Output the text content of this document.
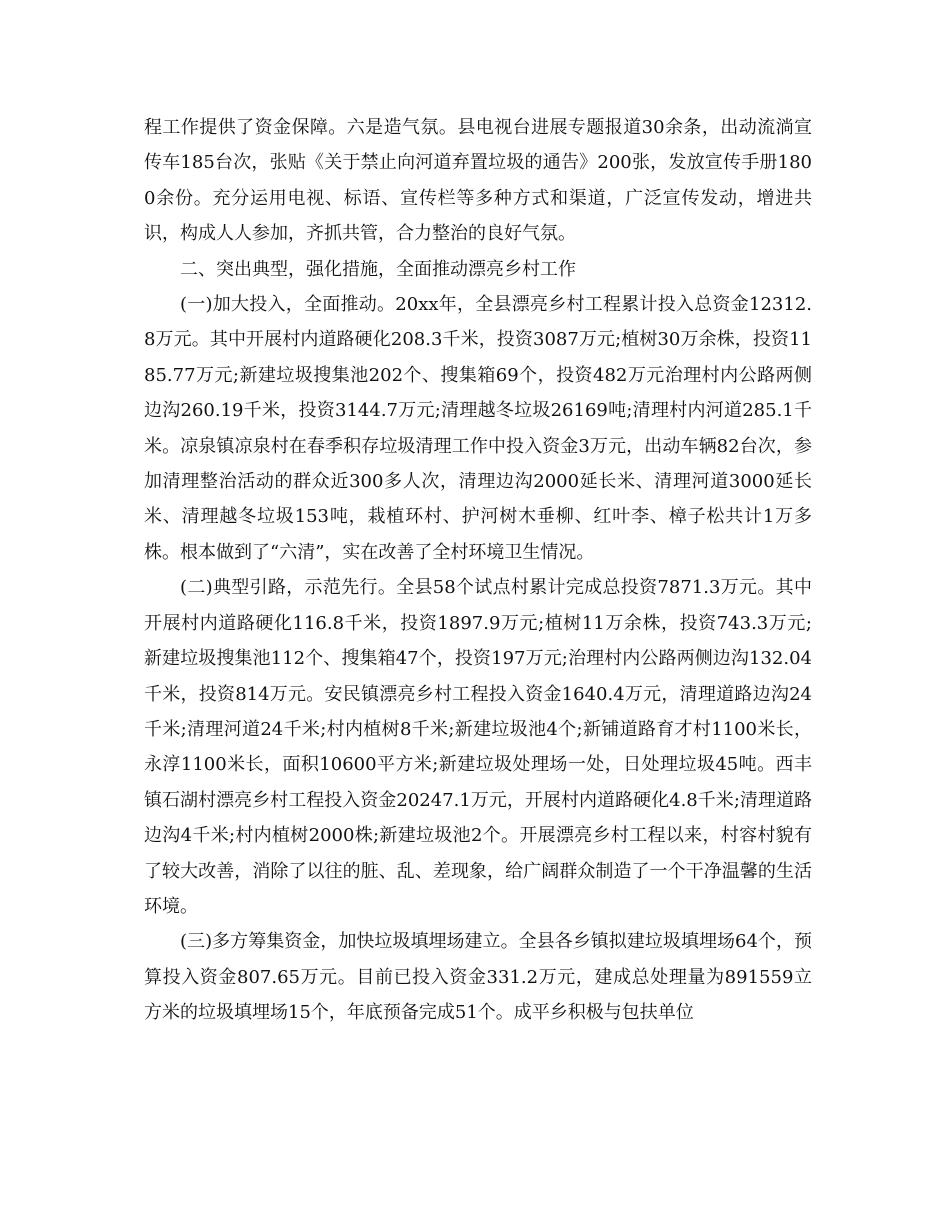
程工作提供了资金保障。六是造气氛。县电视台进展专题报道30余条，出动流淌宣传车185台次，张贴《关于禁止向河道弃置垃圾的通告》200张，发放宣传手册1800余份。充分运用电视、标语、宣传栏等多种方式和渠道，广泛宣传发动，增进共识，构成人人参加，齐抓共管，合力整治的良好气氛。

二、突出典型，强化措施，全面推动漂亮乡村工作

(一)加大投入，全面推动。20xx年，全县漂亮乡村工程累计投入总资金12312.8万元。其中开展村内道路硬化208.3千米，投资3087万元;植树30万余株，投资1185.77万元;新建垃圾搜集池202个、搜集箱69个，投资482万元治理村内公路两侧边沟260.19千米，投资3144.7万元;清理越冬垃圾26169吨;清理村内河道285.1千米。凉泉镇凉泉村在春季积存垃圾清理工作中投入资金3万元，出动车辆82台次，参加清理整治活动的群众近300多人次，清理边沟2000延长米、清理河道3000延长米、清理越冬垃圾153吨，栽植环村、护河树木垂柳、红叶李、樟子松共计1万多株。根本做到了“六清”，实在改善了全村环境卫生情况。

(二)典型引路，示范先行。全县58个试点村累计完成总投资7871.3万元。其中开展村内道路硬化116.8千米，投资1897.9万元;植树11万余株，投资743.3万元;新建垃圾搜集池112个、搜集箱47个，投资197万元;治理村内公路两侧边沟132.04千米，投资814万元。安民镇漂亮乡村工程投入资金1640.4万元，清理道路边沟24千米;清理河道24千米;村内植树8千米;新建垃圾池4个;新铺道路育才村1100米长，永淳1100米长，面积10600平方米;新建垃圾处理场一处，日处理垃圾45吨。西丰镇石湖村漂亮乡村工程投入资金20247.1万元，开展村内道路硬化4.8千米;清理道路边沟4千米;村内植树2000株;新建垃圾池2个。开展漂亮乡村工程以来，村容村貌有了较大改善，消除了以往的脏、乱、差现象，给广阔群众制造了一个干净温馨的生活环境。

(三)多方筹集资金，加快垃圾填埋场建立。全县各乡镇拟建垃圾填埋场64个，预算投入资金807.65万元。目前已投入资金331.2万元，建成总处理量为891559立方米的垃圾填埋场15个，年底预备完成51个。成平乡积极与包扶单位
